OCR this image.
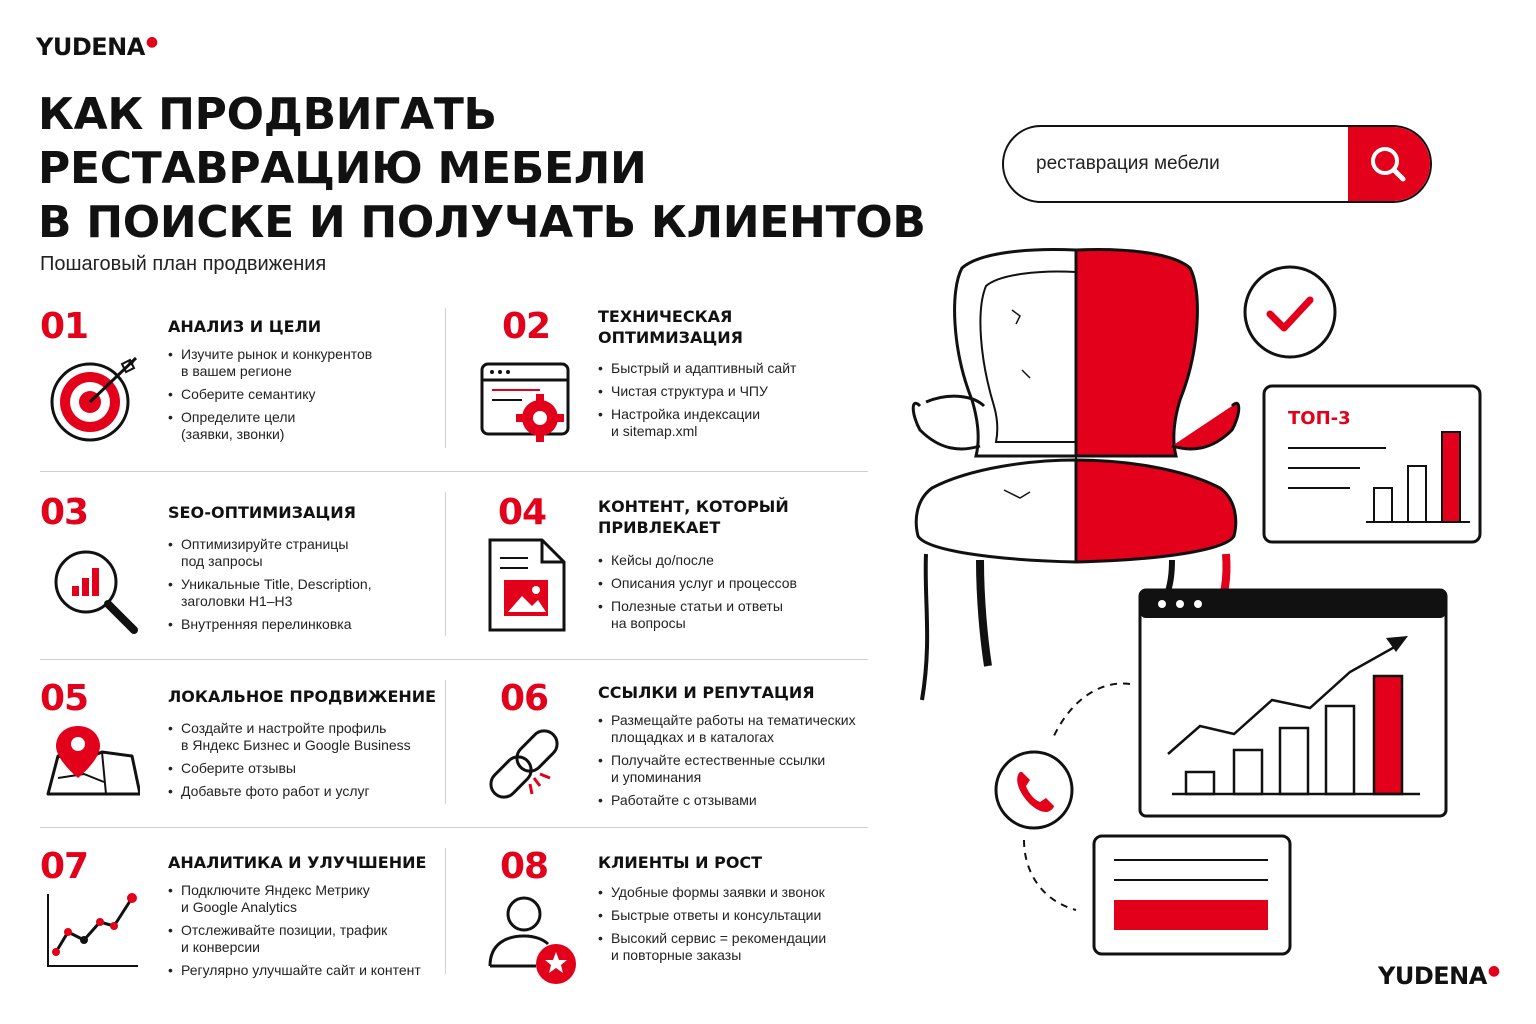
YUDENA●
YUDENA●
КАК ПРОДВИГАТЬ
РЕСТАВРАЦИЮ МЕБЕЛИ
В ПОИСКЕ И ПОЛУЧАТЬ КЛИЕНТОВ
Пошаговый план продвижения
01	АНАЛИЗ И ЦЕЛИ
• Изучите рынок и конкурентов
в вашем регионе
• Соберите семантику
• Определите цели
(заявки, звонки)
02	ТЕХНИЧЕСКАЯ
ОПТИМИЗАЦИЯ
• Быстрый и адаптивный сайт
• Чистая структура и ЧПУ
• Настройка индексации
и sitemap.xml
03	SEO-ОПТИМИЗАЦИЯ
• Оптимизируйте страницы
под запросы
• Уникальные Title, Description,
заголовки H1–H3
• Внутренняя перелинковка
04	КОНТЕНТ, КОТОРЫЙ
ПРИВЛЕКАЕТ
• Кейсы до/после
• Описания услуг и процессов
• Полезные статьи и ответы
на вопросы
05	ЛОКАЛЬНОЕ ПРОДВИЖЕНИЕ
• Создайте и настройте профиль
в Яндекс Бизнес и Google Business
• Соберите отзывы
• Добавьте фото работ и услуг
06	ССЫЛКИ И РЕПУТАЦИЯ
• Размещайте работы на тематических
площадках и в каталогах
• Получайте естественные ссылки
и упоминания
• Работайте с отзывами
07	АНАЛИТИКА И УЛУЧШЕНИЕ
• Подключите Яндекс Метрику
и Google Analytics
• Отслеживайте позиции, трафик
и конверсии
• Регулярно улучшайте сайт и контент
08	КЛИЕНТЫ И РОСТ
• Удобные формы заявки и звонок
• Быстрые ответы и консультации
• Высокий сервис = рекомендации
и повторные заказы
реставрация мебели
ТОП-3
